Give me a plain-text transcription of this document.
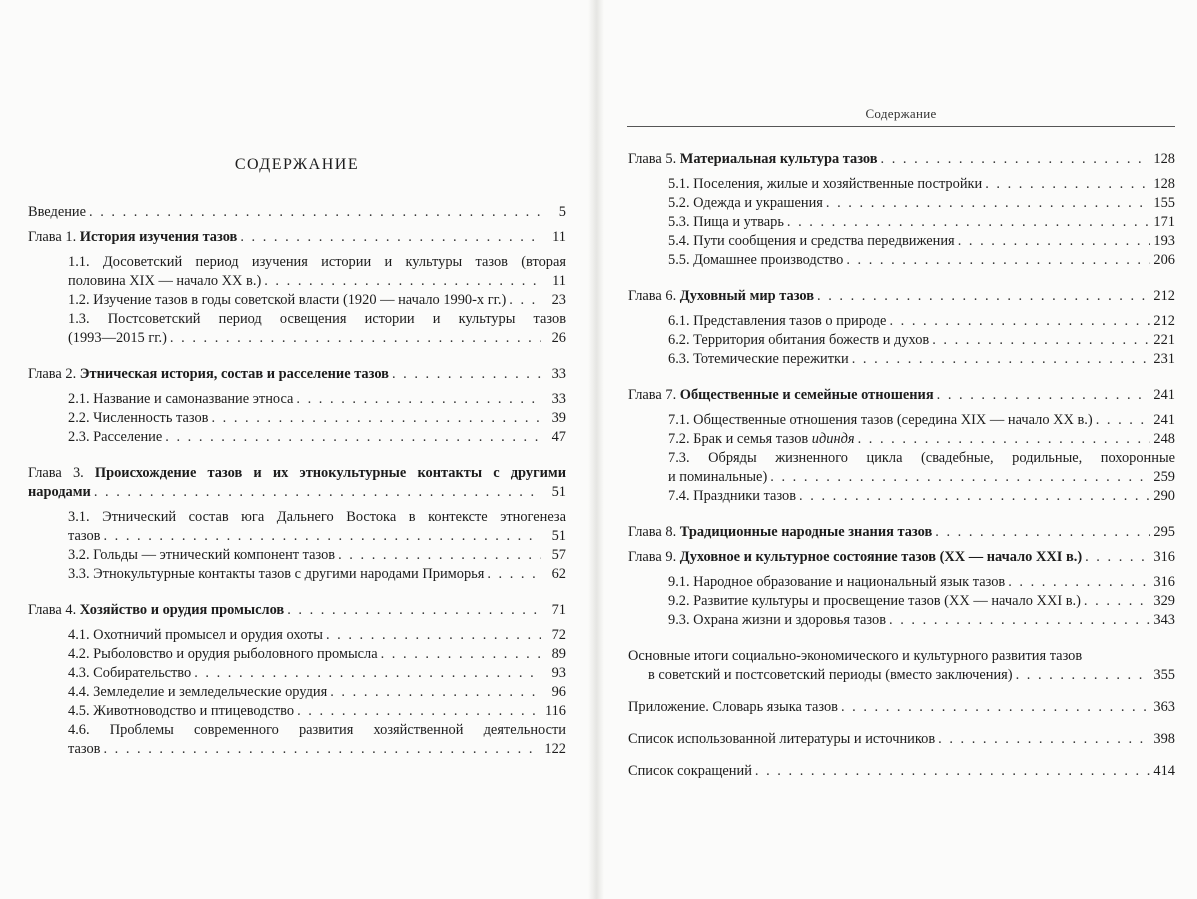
Содержание
СОДЕРЖАНИЕ
Введение . . .	5
Глава 1. История изучения тазов . . .	11
1.1. Досоветский период изучения истории и культуры тазов (вторая
половина XIX — начало XX в.) . . .	11
1.2. Изучение тазов в годы советской власти (1920 — начало 1990-х гг.) . . .	23
1.3. Постсоветский период освещения истории и культуры тазов
(1993—2015 гг.) . . .	26
Глава 2. Этническая история, состав и расселение тазов . . .	33
2.1. Название и самоназвание этноса . . .	33
2.2. Численность тазов . . .	39
2.3. Расселение . . .	47
Глава 3. Происхождение тазов и их этнокультурные контакты с другими
народами . . .	51
3.1. Этнический состав юга Дальнего Востока в контексте этногенеза
тазов . . .	51
3.2. Гольды — этнический компонент тазов . . .	57
3.3. Этнокультурные контакты тазов с другими народами Приморья . . .	62
Глава 4. Хозяйство и орудия промыслов . . .	71
4.1. Охотничий промысел и орудия охоты . . .	72
4.2. Рыболовство и орудия рыболовного промысла . . .	89
4.3. Собирательство . . .	93
4.4. Земледелие и земледельческие орудия . . .	96
4.5. Животноводство и птицеводство . . .	116
4.6. Проблемы современного развития хозяйственной деятельности
тазов . . .	122
Глава 5. Материальная культура тазов . . .	128
5.1. Поселения, жилые и хозяйственные постройки . . .	128
5.2. Одежда и украшения . . .	155
5.3. Пища и утварь . . .	171
5.4. Пути сообщения и средства передвижения . . .	193
5.5. Домашнее производство . . .	206
Глава 6. Духовный мир тазов . . .	212
6.1. Представления тазов о природе . . .	212
6.2. Территория обитания божеств и духов . . .	221
6.3. Тотемические пережитки . . .	231
Глава 7. Общественные и семейные отношения . . .	241
7.1. Общественные отношения тазов (середина XIX — начало XX в.) . . .	241
7.2. Брак и семья тазов идиндя . . .	248
7.3. Обряды жизненного цикла (свадебные, родильные, похоронные
и поминальные) . . .	259
7.4. Праздники тазов . . .	290
Глава 8. Традиционные народные знания тазов . . .	295
Глава 9. Духовное и культурное состояние тазов (XX — начало XXI в.) . . .	316
9.1. Народное образование и национальный язык тазов . . .	316
9.2. Развитие культуры и просвещение тазов (XX — начало XXI в.) . . .	329
9.3. Охрана жизни и здоровья тазов . . .	343
Основные итоги социально-экономического и культурного развития тазов
в советский и постсоветский периоды (вместо заключения) . . .	355
Приложение. Словарь языка тазов . . .	363
Список использованной литературы и источников . . .	398
Список сокращений . . .	414
